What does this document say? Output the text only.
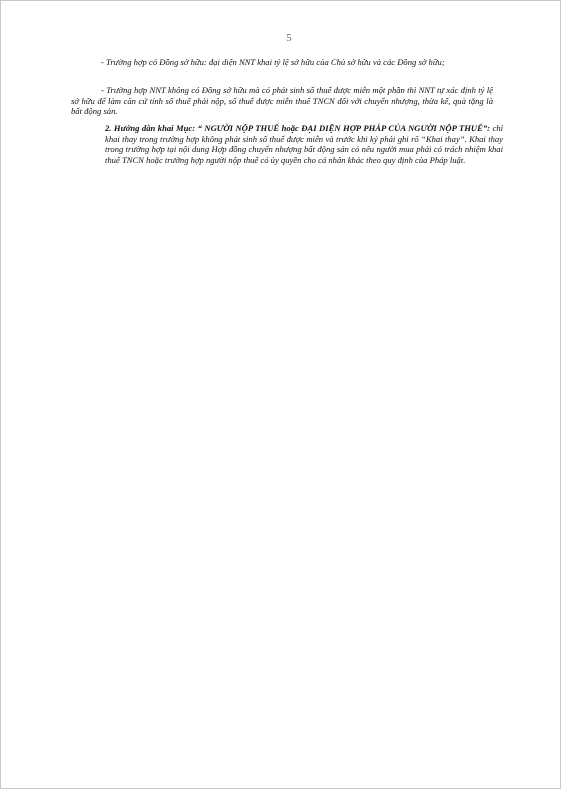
5

- Trường hợp có Đồng sở hữu: đại diện NNT khai tỷ lệ sở hữu của Chủ sở hữu và các Đồng sở hữu;

- Trường hợp NNT không có Đồng sở hữu mà có phát sinh số thuế được miễn một phần thì NNT tự xác định tỷ lệ sở hữu để làm căn cứ tính số thuế phải nộp, số thuế được miễn thuế TNCN đối với chuyển nhượng, thừa kế, quà tặng là bất động sản.

2. Hướng dẫn khai Mục: “ NGƯỜI NỘP THUẾ hoặc ĐẠI DIỆN HỢP PHÁP CỦA NGƯỜI NỘP THUẾ”: chỉ khai thay trong trường hợp không phát sinh số thuế được miễn và trước khi ký phải ghi rõ “Khai thay”. Khai thay trong trường hợp tại nội dung Hợp đồng chuyển nhượng bất động sản có nêu người mua phải có trách nhiệm khai thuế TNCN hoặc trường hợp người nộp thuế có ủy quyền cho cá nhân khác theo quy định của Pháp luật.
